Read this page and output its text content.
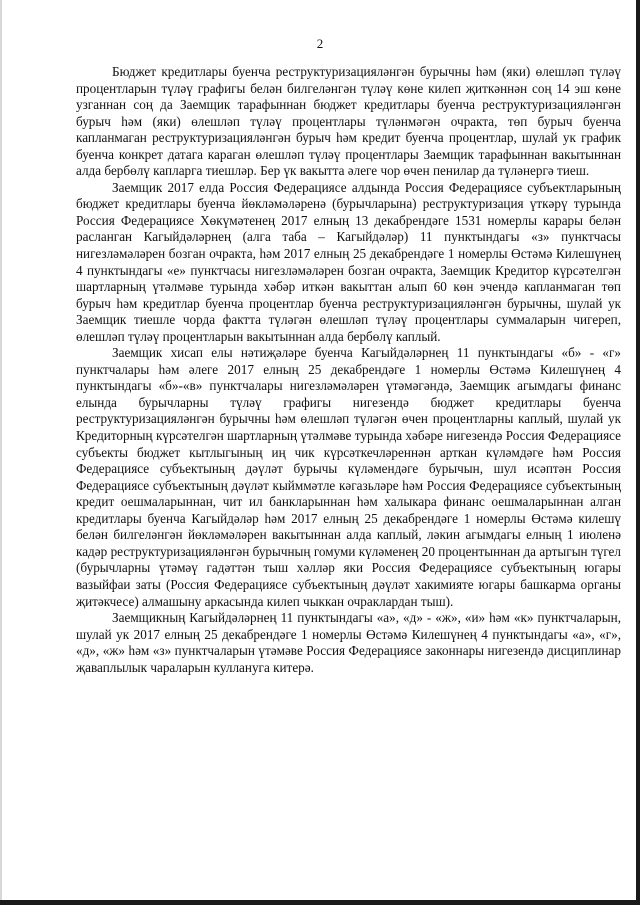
2

Бюджет кредитлары буенча реструктуризацияләнгән бурычны һәм (яки) өлешләп түләү процентларын түләү графигы белән билгеләнгән түләү көне килеп җиткәннән соң 14 эш көне узганнан соң да Заемщик тарафыннан бюджет кредитлары буенча реструктуризацияләнгән бурыч һәм (яки) өлешләп түләү процентлары түләнмәгән очракта, төп бурыч буенча капланмаган реструктуризацияләнгән бурыч һәм кредит буенча процентлар, шулай ук график буенча конкрет датага караган өлешләп түләү процентлары Заемщик тарафыннан вакытыннан алда бербөлү капларга тиешләр. Бер үк вакытта әлеге чор өчен пенилар да түләнергә тиеш.

Заемщик 2017 елда Россия Федерациясе алдында Россия Федерациясе субъектларының бюджет кредитлары буенча йөкләмәләренә (бурычларына) реструктуризация үткәрү турында Россия Федерациясе Хөкүмәтенең 2017 елның 13 декабрендәге 1531 номерлы карары белән расланган Кагыйдәләрнең (алга таба – Кагыйдәләр) 11 пунктындагы «з» пунктчасы нигезләмәләрен бозган очракта, һәм 2017 елның 25 декабрендәге 1 номерлы Өстәмә Килешүнең 4 пунктындагы «е» пунктчасы нигезләмәләрен бозган очракта, Заемщик Кредитор күрсәтелгән шартларның үтәлмәве турында хәбәр иткән вакыттан алып 60 көн эчендә капланмаган төп бурыч һәм кредитлар буенча процентлар буенча реструктуризацияләнгән бурычны, шулай ук Заемщик тиешле чорда фактта түләгән өлешләп түләү процентлары суммаларын чигереп, өлешләп түләү процентларын вакытыннан алда бербөлү каплый.

Заемщик хисап елы нәтиҗәләре буенча Кагыйдәләрнең 11 пунктындагы «б» - «г» пунктчалары һәм әлеге 2017 елның 25 декабрендәге 1 номерлы Өстәмә Килешүнең 4 пунктындагы «б»-«в» пунктчалары нигезләмәләрен үтәмәгәндә, Заемщик агымдагы финанс елында бурычларны түләү графигы нигезендә бюджет кредитлары буенча реструктуризацияләнгән бурычны һәм өлешләп түләгән өчен процентларны каплый, шулай ук Кредиторның күрсәтелгән шартларның үтәлмәве турында хәбәре нигезендә Россия Федерациясе субъекты бюджет кытлыгының иң чик күрсәткечләреннән арткан күләмдәге һәм Россия Федерациясе субъектының дәүләт бурычы күләмендәге бурычын, шул исәптән Россия Федерациясе субъектының дәүләт кыйммәтле кәгазьләре һәм Россия Федерациясе субъектының кредит оешмаларыннан, чит ил банкларыннан һәм халыкара финанс оешмаларыннан алган кредитлары буенча Кагыйдәләр һәм 2017 елның 25 декабрендәге 1 номерлы Өстәмә килешү белән билгеләнгән йөкләмәләрен вакытыннан алда каплый, ләкин агымдагы елның 1 июленә кадәр реструктуризацияләнгән бурычның гомуми күләменең 20 процентыннан да артыгын түгел (бурычларны үтәмәү гадәттән тыш хәлләр яки Россия Федерациясе субъектының югары вазыйфаи заты (Россия Федерациясе субъектының дәүләт хакимияте югары башкарма органы җитәкчесе) алмашыну аркасында килеп чыккан очраклардан тыш).

Заемщикның Кагыйдәләрнең 11 пунктындагы «а», «д» - «ж», «и» һәм «к» пунктчаларын, шулай ук 2017 елның 25 декабрендәге 1 номерлы Өстәмә Килешүнең 4 пунктындагы «а», «г», «д», «ж» һәм «з» пунктчаларын үтәмәве Россия Федерациясе законнары нигезендә дисциплинар җаваплылык чараларын куллануга китерә.
